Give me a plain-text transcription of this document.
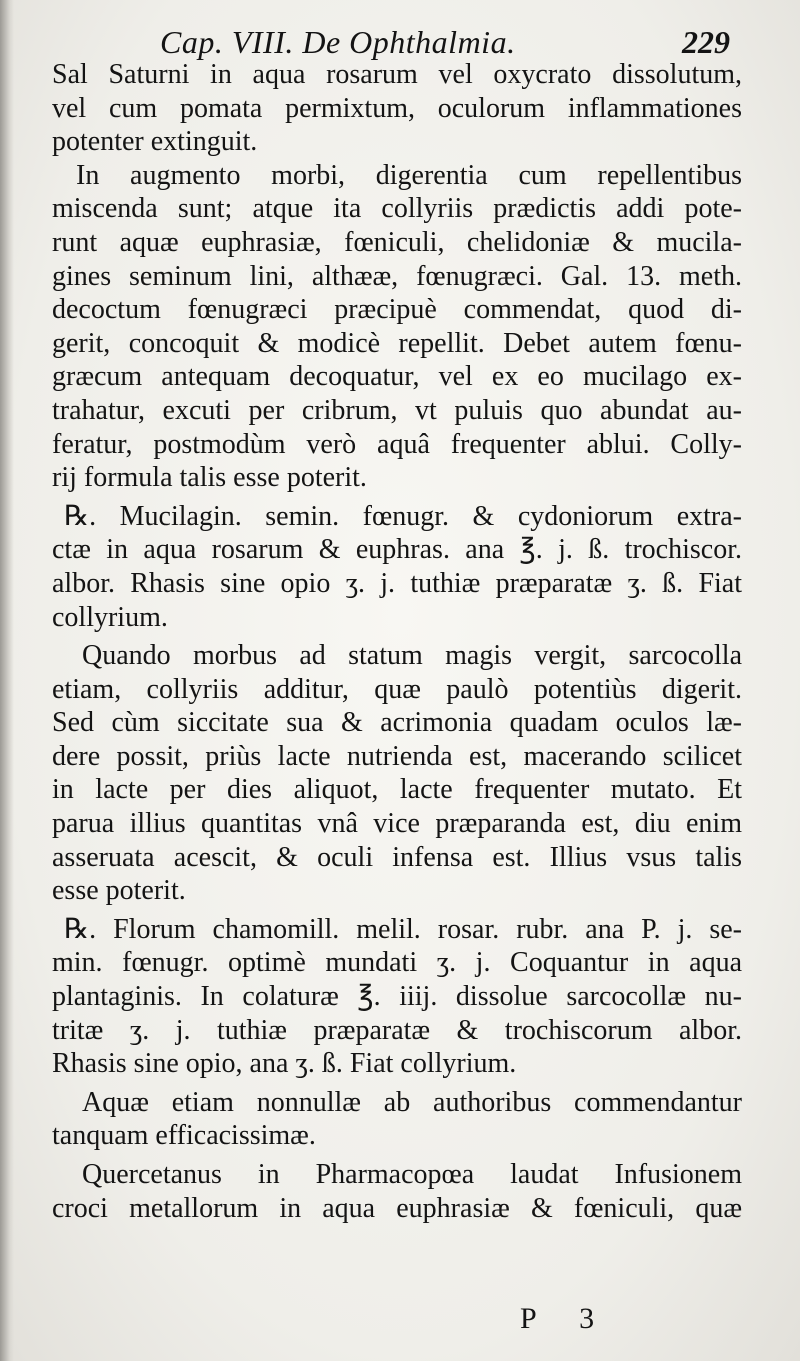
Cap. VIII. De Ophthalmia.	229
Sal Saturni in aqua rosarum vel oxycrato dissolutum,
vel cum pomata permixtum, oculorum inflammationes
potenter extinguit.
In augmento morbi, digerentia cum repellentibus
miscenda sunt; atque ita collyriis prædictis addi pote-
runt aquæ euphrasiæ, fœniculi, chelidoniæ & mucila-
gines seminum lini, althææ, fœnugræci. Gal. 13. meth.
decoctum fœnugræci præcipuè commendat, quod di-
gerit, concoquit & modicè repellit. Debet autem fœnu-
græcum antequam decoquatur, vel ex eo mucilago ex-
trahatur, excuti per cribrum, vt puluis quo abundat au-
feratur, postmodùm verò aquâ frequenter ablui. Colly-
rij formula talis esse poterit.
℞. Mucilagin. semin. fœnugr. & cydoniorum extra-
ctæ in aqua rosarum & euphras. ana ℥. j. ß. trochiscor.
albor. Rhasis sine opio ʒ. j. tuthiæ præparatæ ʒ. ß. Fiat
collyrium.
Quando morbus ad statum magis vergit, sarcocolla
etiam, collyriis additur, quæ paulò potentiùs digerit.
Sed cùm siccitate sua & acrimonia quadam oculos læ-
dere possit, priùs lacte nutrienda est, macerando scilicet
in lacte per dies aliquot, lacte frequenter mutato. Et
parua illius quantitas vnâ vice præparanda est, diu enim
asseruata acescit, & oculi infensa est. Illius vsus talis
esse poterit.
℞. Florum chamomill. melil. rosar. rubr. ana P. j. se-
min. fœnugr. optimè mundati ʒ. j. Coquantur in aqua
plantaginis. In colaturæ ℥. iiij. dissolue sarcocollæ nu-
tritæ ʒ. j. tuthiæ præparatæ & trochiscorum albor.
Rhasis sine opio, ana ʒ. ß. Fiat collyrium.
Aquæ etiam nonnullæ ab authoribus commendantur
tanquam efficacissimæ.
Quercetanus in Pharmacopœa laudat Infusionem
croci metallorum in aqua euphrasiæ & fœniculi, quæ
P 3
